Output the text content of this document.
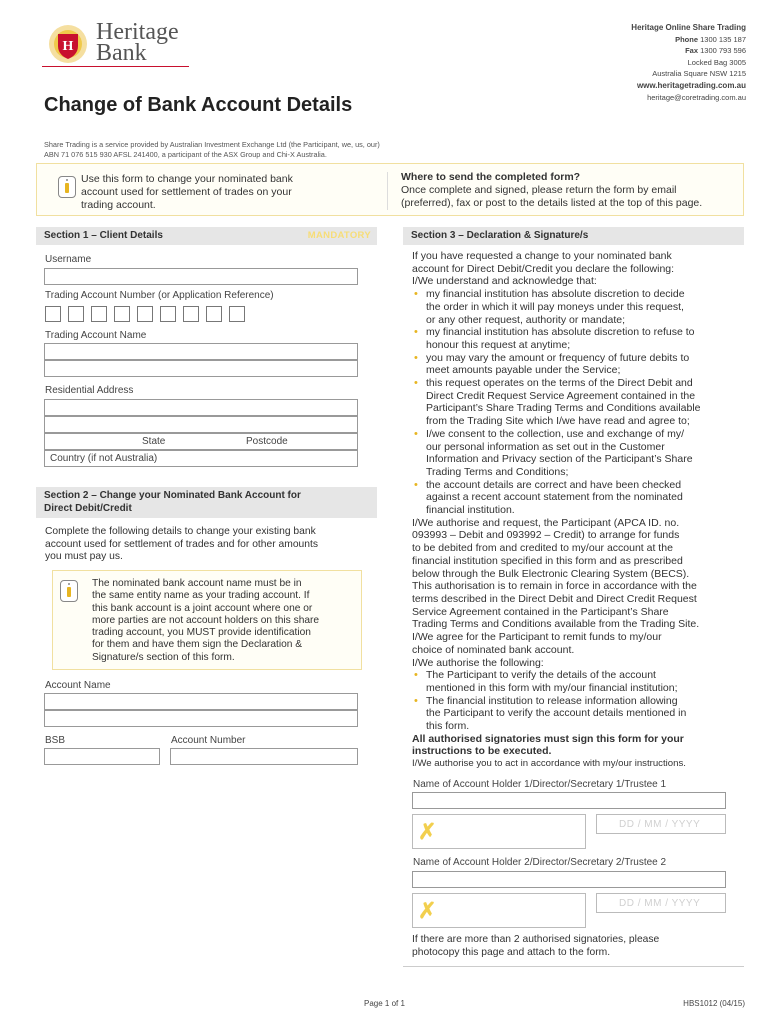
H
Heritage
Bank
Heritage Online Share Trading
Phone 1300 135 187
Fax 1300 793 596
Locked Bag 3005
Australia Square NSW 1215
www.heritagetrading.com.au
heritage@coretrading.com.au
Change of Bank Account Details
Share Trading is a service provided by Australian Investment Exchange Ltd (the Participant, we, us, our)
ABN 71 076 515 930 AFSL 241400, a participant of the ASX Group and Chi-X Australia.
Use this form to change your nominated bank
account used for settlement of trades on your
trading account.
Where to send the completed form?
Once complete and signed, please return the form by email
(preferred), fax or post to the details listed at the top of this page.
Section 1 – Client Details	MANDATORY
Username
Trading Account Number (or Application Reference)
Trading Account Name
Residential Address
State	Postcode
Country (if not Australia)
Section 2 – Change your Nominated Bank Account for
Direct Debit/Credit
Complete the following details to change your existing bank
account used for settlement of trades and for other amounts
you must pay us.
The nominated bank account name must be in
the same entity name as your trading account. If
this bank account is a joint account where one or
more parties are not account holders on this share
trading account, you MUST provide identification
for them and have them sign the Declaration &
Signature/s section of this form.
Account Name
BSB	Account Number
Section 3 – Declaration & Signature/s
If you have requested a change to your nominated bank
account for Direct Debit/Credit you declare the following:
I/We understand and acknowledge that:
• my financial institution has absolute discretion to decide
the order in which it will pay moneys under this request,
or any other request, authority or mandate;
• my financial institution has absolute discretion to refuse to
honour this request at anytime;
• you may vary the amount or frequency of future debits to
meet amounts payable under the Service;
• this request operates on the terms of the Direct Debit and
Direct Credit Request Service Agreement contained in the
Participant’s Share Trading Terms and Conditions available
from the Trading Site which I/we have read and agree to;
• I/we consent to the collection, use and exchange of my/
our personal information as set out in the Customer
Information and Privacy section of the Participant’s Share
Trading Terms and Conditions;
• the account details are correct and have been checked
against a recent account statement from the nominated
financial institution.
I/We authorise and request, the Participant (APCA ID. no.
093993 – Debit and 093992 – Credit) to arrange for funds
to be debited from and credited to my/our account at the
financial institution specified in this form and as prescribed
below through the Bulk Electronic Clearing System (BECS).
This authorisation is to remain in force in accordance with the
terms described in the Direct Debit and Direct Credit Request
Service Agreement contained in the Participant’s Share
Trading Terms and Conditions available from the Trading Site.
I/We agree for the Participant to remit funds to my/our
choice of nominated bank account.
I/We authorise the following:
• The Participant to verify the details of the account
mentioned in this form with my/our financial institution;
• The financial institution to release information allowing
the Participant to verify the account details mentioned in
this form.
All authorised signatories must sign this form for your
instructions to be executed.
I/We authorise you to act in accordance with my/our instructions.
Name of Account Holder 1/Director/Secretary 1/Trustee 1
✗	DD / MM / YYYY
Name of Account Holder 2/Director/Secretary 2/Trustee 2
✗	DD / MM / YYYY
If there are more than 2 authorised signatories, please
photocopy this page and attach to the form.
Page 1 of 1	HBS1012 (04/15)
